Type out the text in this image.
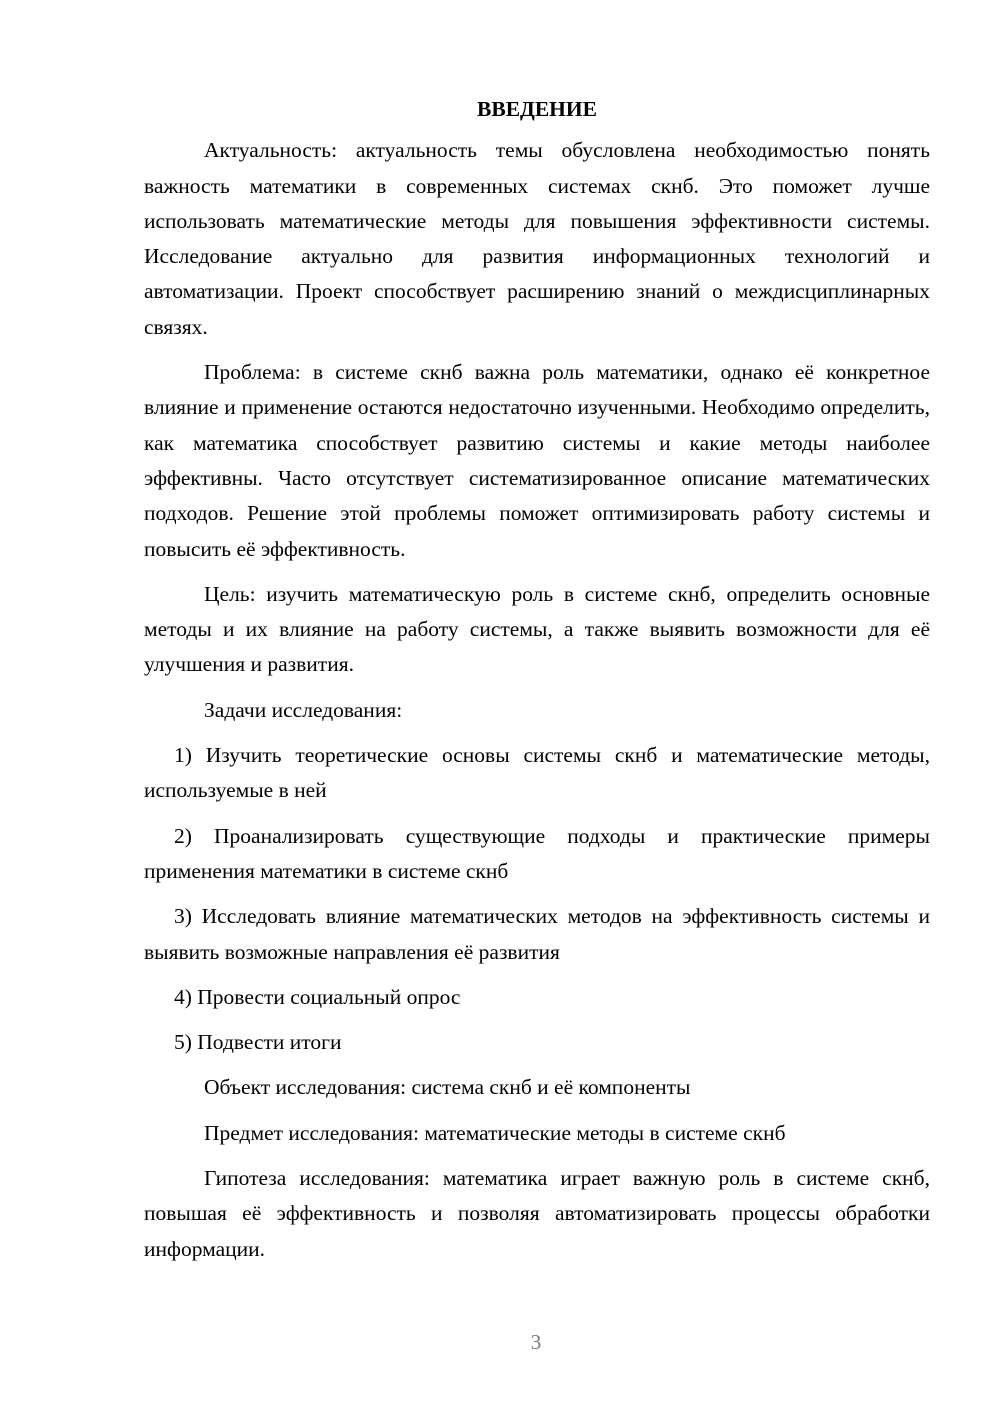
ВВЕДЕНИЕ

Актуальность: актуальность темы обусловлена необходимостью понять важность математики в современных системах скнб. Это поможет лучше использовать математические методы для повышения эффективности системы. Исследование актуально для развития информационных технологий и автоматизации. Проект способствует расширению знаний о междисциплинарных связях.

Проблема: в системе скнб важна роль математики, однако её конкретное влияние и применение остаются недостаточно изученными. Необходимо определить, как математика способствует развитию системы и какие методы наиболее эффективны. Часто отсутствует систематизированное описание математических подходов. Решение этой проблемы поможет оптимизировать работу системы и повысить её эффективность.

Цель: изучить математическую роль в системе скнб, определить основные методы и их влияние на работу системы, а также выявить возможности для её улучшения и развития.

Задачи исследования:

1) Изучить теоретические основы системы скнб и математические методы, используемые в ней

2) Проанализировать существующие подходы и практические примеры применения математики в системе скнб

3) Исследовать влияние математических методов на эффективность системы и выявить возможные направления её развития

4) Провести социальный опрос

5) Подвести итоги

Объект исследования: система скнб и её компоненты

Предмет исследования: математические методы в системе скнб

Гипотеза исследования: математика играет важную роль в системе скнб, повышая её эффективность и позволяя автоматизировать процессы обработки информации.

3
